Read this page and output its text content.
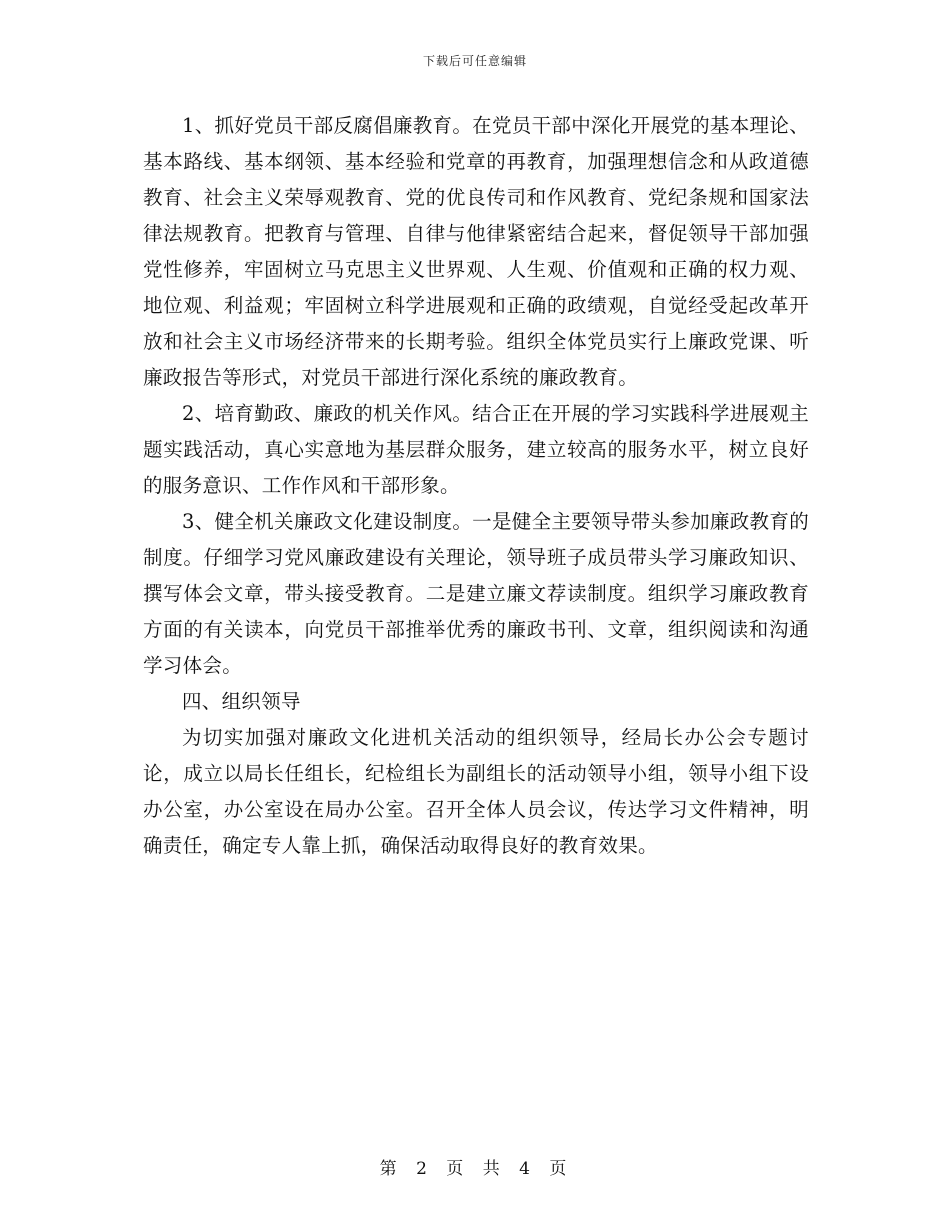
下载后可任意编辑

1、抓好党员干部反腐倡廉教育。在党员干部中深化开展党的基本理论、基本路线、基本纲领、基本经验和党章的再教育，加强理想信念和从政道德教育、社会主义荣辱观教育、党的优良传司和作风教育、党纪条规和国家法律法规教育。把教育与管理、自律与他律紧密结合起来，督促领导干部加强党性修养，牢固树立马克思主义世界观、人生观、价值观和正确的权力观、地位观、利益观；牢固树立科学进展观和正确的政绩观，自觉经受起改革开放和社会主义市场经济带来的长期考验。组织全体党员实行上廉政党课、听廉政报告等形式，对党员干部进行深化系统的廉政教育。

2、培育勤政、廉政的机关作风。结合正在开展的学习实践科学进展观主题实践活动，真心实意地为基层群众服务，建立较高的服务水平，树立良好的服务意识、工作作风和干部形象。

3、健全机关廉政文化建设制度。一是健全主要领导带头参加廉政教育的制度。仔细学习党风廉政建设有关理论，领导班子成员带头学习廉政知识、撰写体会文章，带头接受教育。二是建立廉文荐读制度。组织学习廉政教育方面的有关读本，向党员干部推举优秀的廉政书刊、文章，组织阅读和沟通学习体会。

四、组织领导

为切实加强对廉政文化进机关活动的组织领导，经局长办公会专题讨论，成立以局长任组长，纪检组长为副组长的活动领导小组，领导小组下设办公室，办公室设在局办公室。召开全体人员会议，传达学习文件精神，明确责任，确定专人靠上抓，确保活动取得良好的教育效果。

第 2 页 共 4 页
